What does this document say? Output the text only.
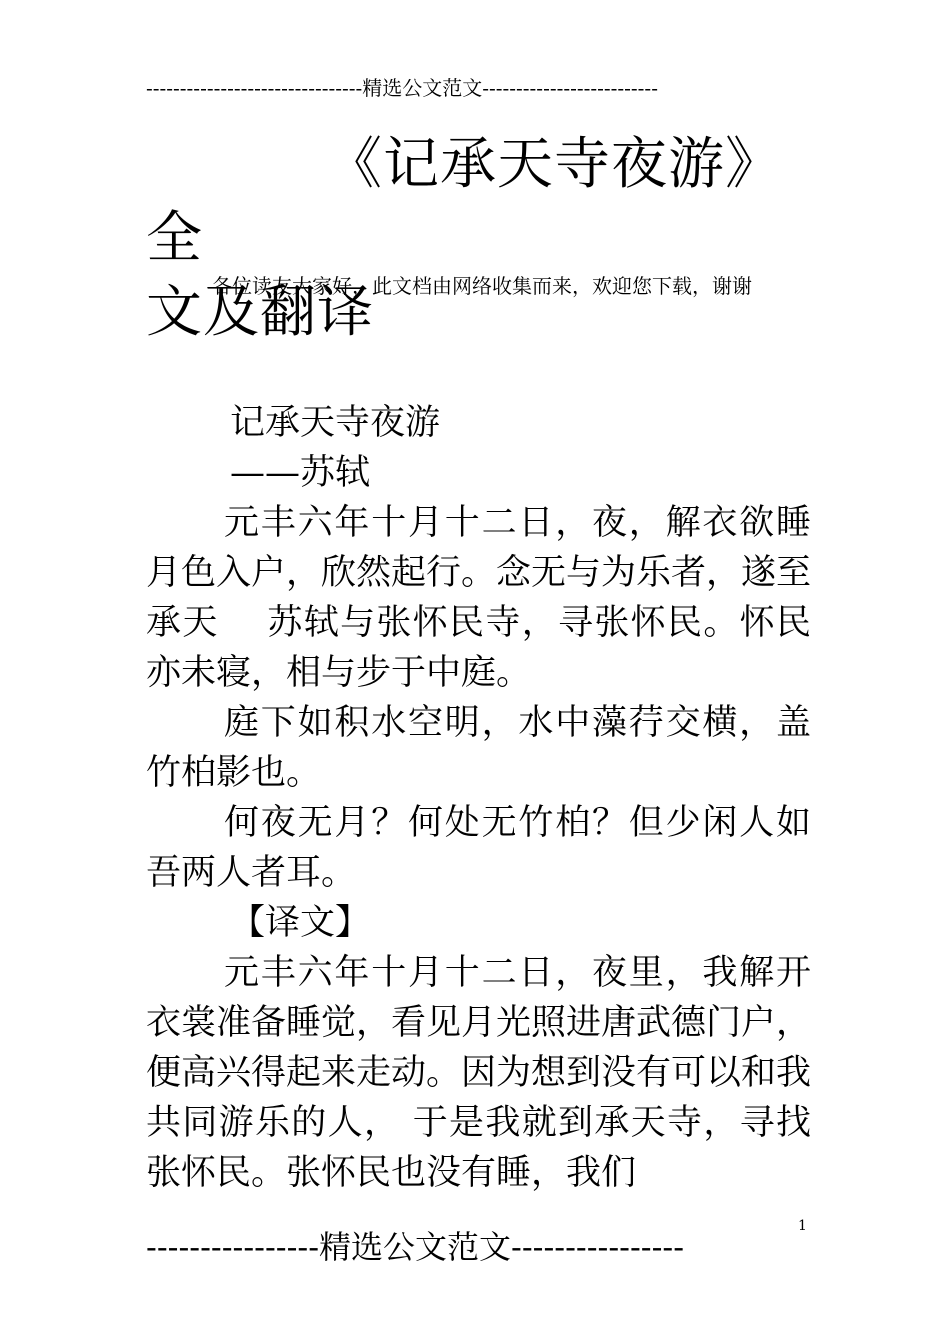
--------------------------------精选公文范文--------------------------
《记承天寺夜游》全
文及翻译
各位读友大家好，此文档由网络收集而来，欢迎您下载，谢谢

记承天寺夜游

——苏轼

元丰六年十月十二日，夜，解衣欲睡月色入户，欣然起行。念无与为乐者，遂至承天　 苏轼与张怀民寺，寻张怀民。怀民亦未寝，相与步于中庭。

庭下如积水空明，水中藻荇交横，盖竹柏影也。

何夜无月？何处无竹柏？但少闲人如吾两人者耳。

【译文】

元丰六年十月十二日，夜里，我解开衣裳准备睡觉，看见月光照进唐武德门户，便高兴得起来走动。因为想到没有可以和我共同游乐的人， 于是我就到承天寺，寻找张怀民。张怀民也没有睡，我们

----------------精选公文范文----------------
1
